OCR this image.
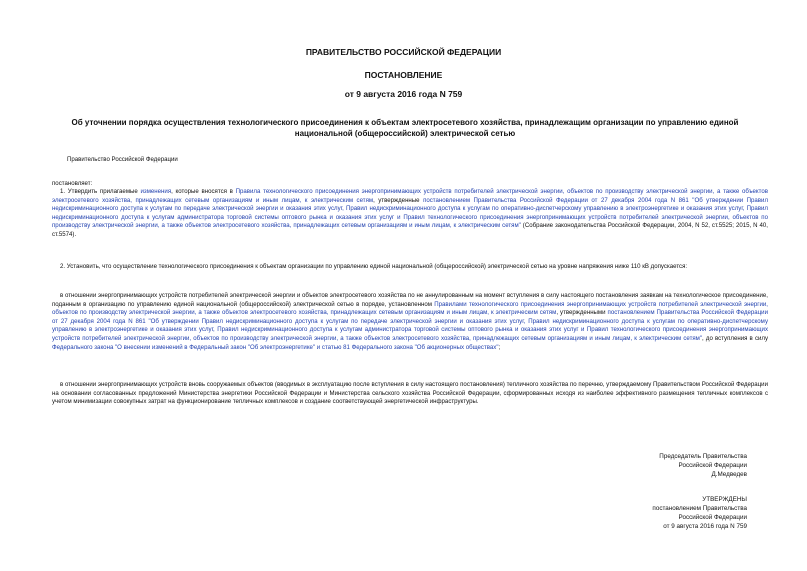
ПРАВИТЕЛЬСТВО РОССИЙСКОЙ ФЕДЕРАЦИИ
ПОСТАНОВЛЕНИЕ
от 9 августа 2016 года N 759
Об уточнении порядка осуществления технологического присоединения к объектам электросетевого хозяйства, принадлежащим организации по управлению единой национальной (общероссийской) электрической сетью
Правительство Российской Федерации
постановляет:
1. Утвердить прилагаемые изменения, которые вносятся в Правила технологического присоединения энергопринимающих устройств потребителей электрической энергии, объектов по производству электрической энергии, а также объектов электросетевого хозяйства, принадлежащих сетевым организациям и иным лицам, к электрическим сетям, утвержденные постановлением Правительства Российской Федерации от 27 декабря 2004 года N 861 "Об утверждении Правил недискриминационного доступа к услугам по передаче электрической энергии и оказания этих услуг, Правил недискриминационного доступа к услугам по оперативно-диспетчерскому управлению в электроэнергетике и оказания этих услуг, Правил недискриминационного доступа к услугам администратора торговой системы оптового рынка и оказания этих услуг и Правил технологического присоединения энергопринимающих устройств потребителей электрической энергии, объектов по производству электрической энергии, а также объектов электросетевого хозяйства, принадлежащих сетевым организациям и иным лицам, к электрическим сетям" (Собрание законодательства Российской Федерации, 2004, N 52, ст.5525; 2015, N 40, ст.5574).
2. Установить, что осуществление технологического присоединения к объектам организации по управлению единой национальной (общероссийской) электрической сетью на уровне напряжения ниже 110 кВ допускается:
в отношении энергопринимающих устройств потребителей электрической энергии и объектов электросетевого хозяйства по не аннулированным на момент вступления в силу настоящего постановления заявкам на технологическое присоединение, поданным в организацию по управлению единой национальной (общероссийской) электрической сетью в порядке, установленном Правилами технологического присоединения энергопринимающих устройств потребителей электрической энергии, объектов по производству электрической энергии, а также объектов электросетевого хозяйства, принадлежащих сетевым организациям и иным лицам, к электрическим сетям, утвержденными постановлением Правительства Российской Федерации от 27 декабря 2004 года N 861 "Об утверждении Правил недискриминационного доступа к услугам по передаче электрической энергии и оказания этих услуг, Правил недискриминационного доступа к услугам по оперативно-диспетчерскому управлению в электроэнергетике и оказания этих услуг, Правил недискриминационного доступа к услугам администратора торговой системы оптового рынка и оказания этих услуг и Правил технологического присоединения энергопринимающих устройств потребителей электрической энергии, объектов по производству электрической энергии, а также объектов электросетевого хозяйства, принадлежащих сетевым организациям и иным лицам, к электрическим сетям", до вступления в силу Федерального закона "О внесении изменений в Федеральный закон "Об электроэнергетике" и статью 81 Федерального закона "Об акционерных обществах";
в отношении энергопринимающих устройств вновь сооружаемых объектов (вводимых в эксплуатацию после вступления в силу настоящего постановления) тепличного хозяйства по перечню, утверждаемому Правительством Российской Федерации на основании согласованных предложений Министерства энергетики Российской Федерации и Министерства сельского хозяйства Российской Федерации, сформированных исходя из наиболее эффективного размещения тепличных комплексов с учетом минимизации совокупных затрат на функционирование тепличных комплексов и создание соответствующей энергетической инфраструктуры.
Председатель Правительства
Российской Федерации
Д.Медведев
УТВЕРЖДЕНЫ
постановлением Правительства
Российской Федерации
от 9 августа 2016 года N 759
